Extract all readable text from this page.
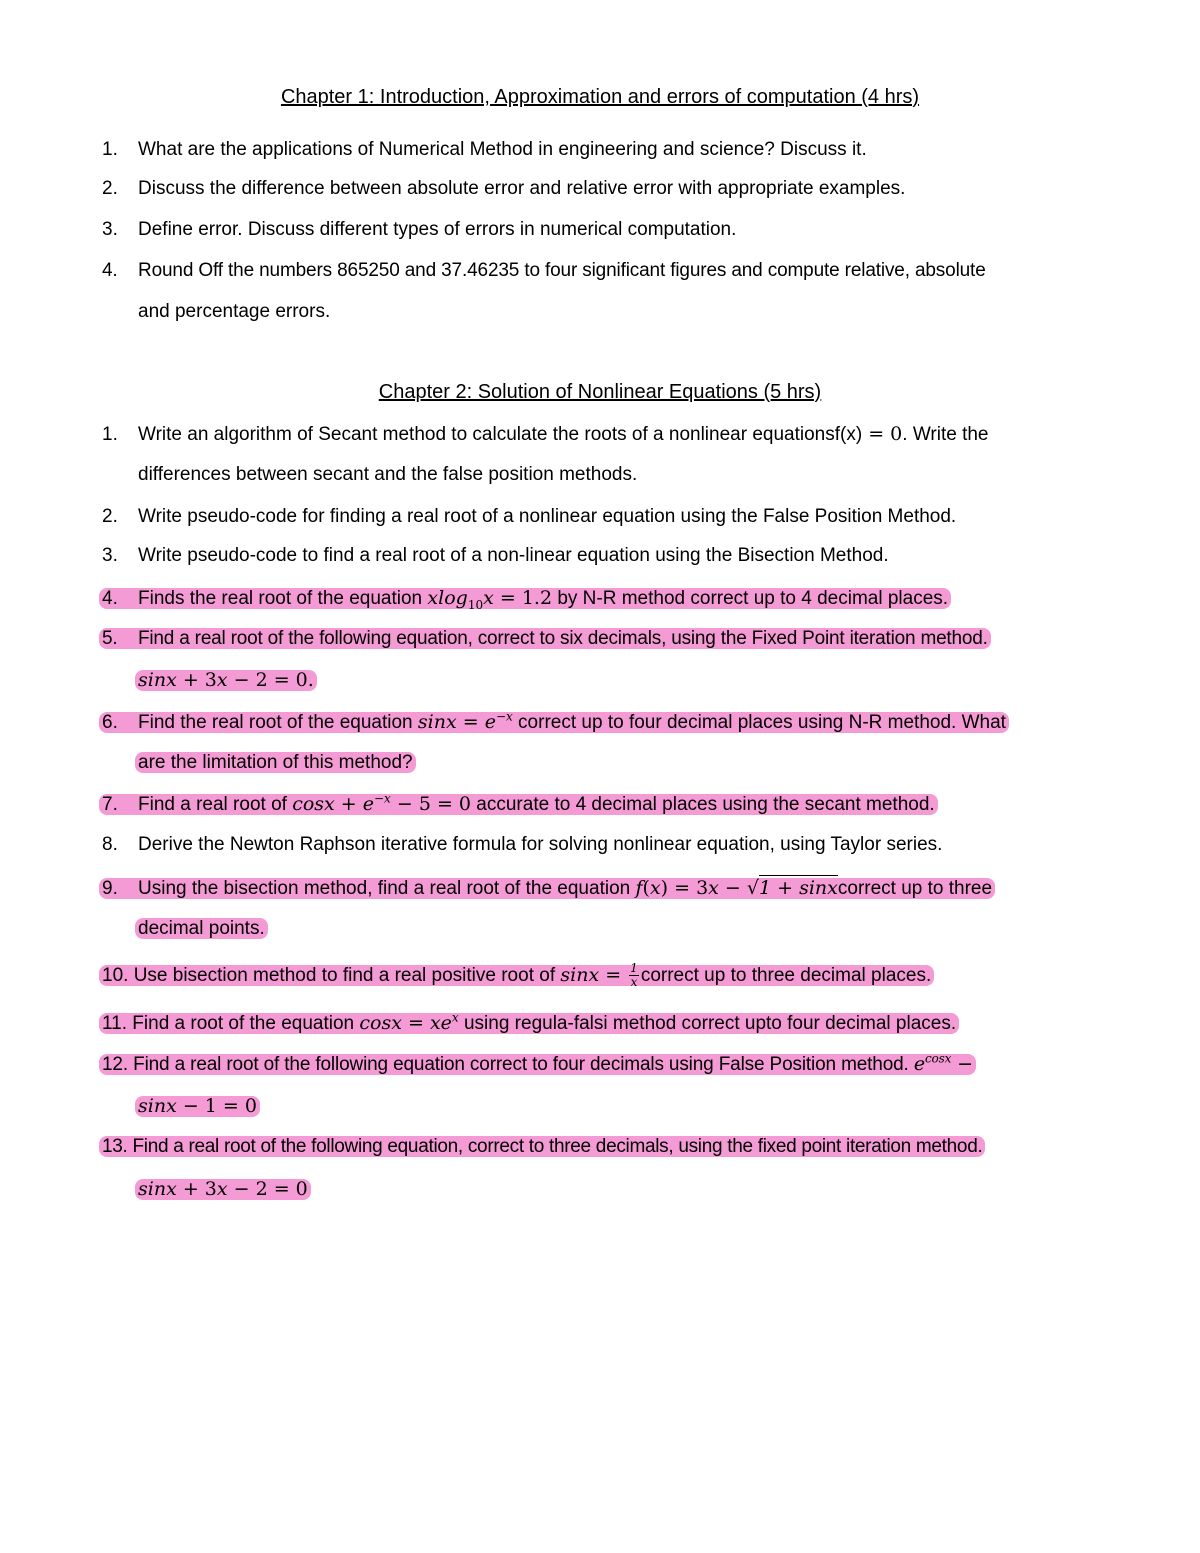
Chapter 1: Introduction, Approximation and errors of computation (4 hrs)
1. What are the applications of Numerical Method in engineering and science? Discuss it.
2. Discuss the difference between absolute error and relative error with appropriate examples.
3. Define error. Discuss different types of errors in numerical computation.
4. Round Off the numbers 865250 and 37.46235 to four significant figures and compute relative, absolute
and percentage errors.
Chapter 2: Solution of Nonlinear Equations (5 hrs)
1. Write an algorithm of Secant method to calculate the roots of a nonlinear equationsf(x) = 0. Write the
differences between secant and the false position methods.
2. Write pseudo-code for finding a real root of a nonlinear equation using the False Position Method.
3. Write pseudo-code to find a real root of a non-linear equation using the Bisection Method.
4. Finds the real root of the equation xlog$_{10}$x = 1.2 by N-R method correct up to 4 decimal places.
5. Find a real root of the following equation, correct to six decimals, using the Fixed Point iteration method.
sinx + 3x − 2 = 0.
6. Find the real root of the equation $\sin x = e^{-x}$ correct up to four decimal places using N-R method. What
are the limitation of this method?
7. Find a real root of $\cos x + e^{-x} - 5 = 0$ accurate to 4 decimal places using the secant method.
8. Derive the Newton Raphson iterative formula for solving nonlinear equation, using Taylor series.
9. Using the bisection method, find a real root of the equation f(x) = 3x − √1 + sinxcorrect up to three
decimal points.
10. Use bisection method to find a real positive root of $\sin x = \frac{1}{x}$ correct up to three decimal places.
11. Find a root of the equation $\cos x = xe^x$ using regula-falsi method correct upto four decimal places.
12. Find a real root of the following equation correct to four decimals using False Position method. $e^{cosx}$ −
sinx − 1 = 0
13. Find a real root of the following equation, correct to three decimals, using the fixed point iteration method.
sinx + 3x − 2 = 0
